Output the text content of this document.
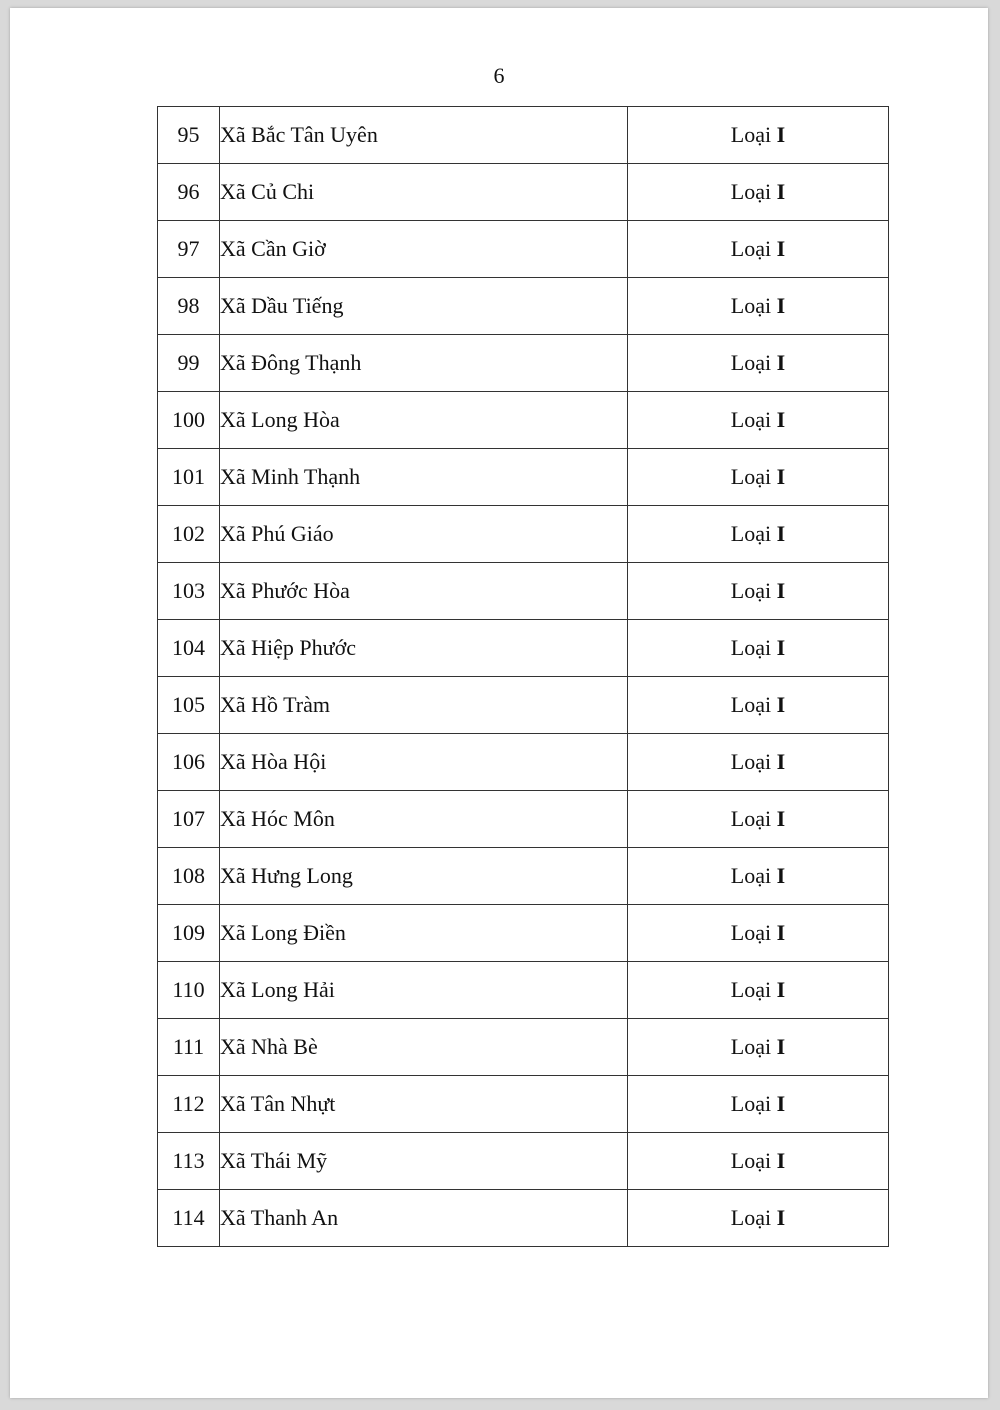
6
95	Xã Bắc Tân Uyên	Loại I
96	Xã Củ Chi	Loại I
97	Xã Cần Giờ	Loại I
98	Xã Dầu Tiếng	Loại I
99	Xã Đông Thạnh	Loại I
100	Xã Long Hòa	Loại I
101	Xã Minh Thạnh	Loại I
102	Xã Phú Giáo	Loại I
103	Xã Phước Hòa	Loại I
104	Xã Hiệp Phước	Loại I
105	Xã Hồ Tràm	Loại I
106	Xã Hòa Hội	Loại I
107	Xã Hóc Môn	Loại I
108	Xã Hưng Long	Loại I
109	Xã Long Điền	Loại I
110	Xã Long Hải	Loại I
111	Xã Nhà Bè	Loại I
112	Xã Tân Nhựt	Loại I
113	Xã Thái Mỹ	Loại I
114	Xã Thanh An	Loại I
